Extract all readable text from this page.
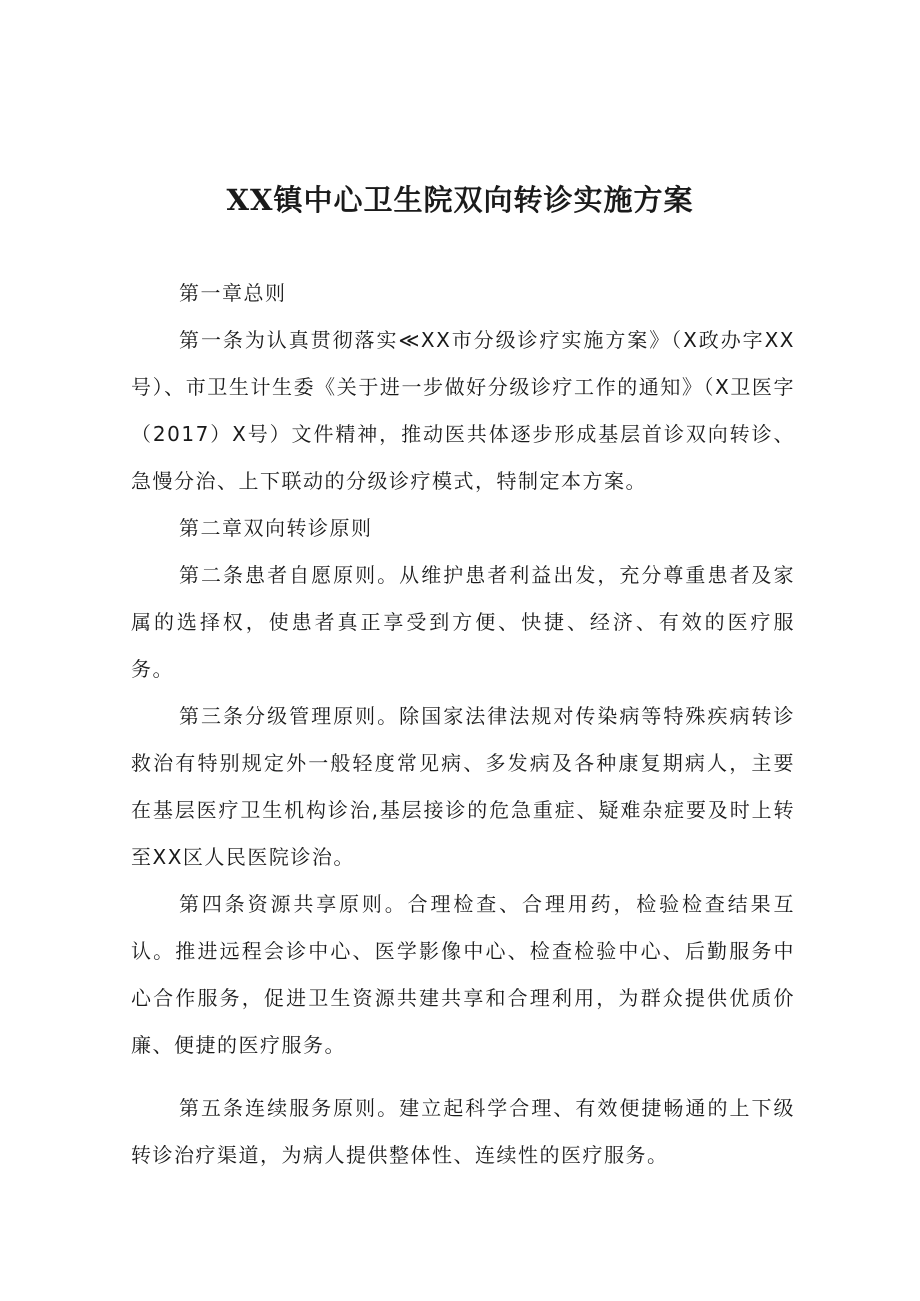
XX镇中心卫生院双向转诊实施方案

第一章总则

第一条为认真贯彻落实≪XX市分级诊疗实施方案》（X政办字XX号）、市卫生计生委《关于进一步做好分级诊疗工作的通知》（X卫医字（2017）X号）文件精神，推动医共体逐步形成基层首诊双向转诊、急慢分治、上下联动的分级诊疗模式，特制定本方案。

第二章双向转诊原则

第二条患者自愿原则。从维护患者利益出发，充分尊重患者及家属的选择权，使患者真正享受到方便、快捷、经济、有效的医疗服务。

第三条分级管理原则。除国家法律法规对传染病等特殊疾病转诊救治有特别规定外一般轻度常见病、多发病及各种康复期病人，主要在基层医疗卫生机构诊治,基层接诊的危急重症、疑难杂症要及时上转至XX区人民医院诊治。

第四条资源共享原则。合理检查、合理用药，检验检查结果互认。推进远程会诊中心、医学影像中心、检查检验中心、后勤服务中心合作服务，促进卫生资源共建共享和合理利用，为群众提供优质价廉、便捷的医疗服务。

第五条连续服务原则。建立起科学合理、有效便捷畅通的上下级转诊治疗渠道，为病人提供整体性、连续性的医疗服务。
